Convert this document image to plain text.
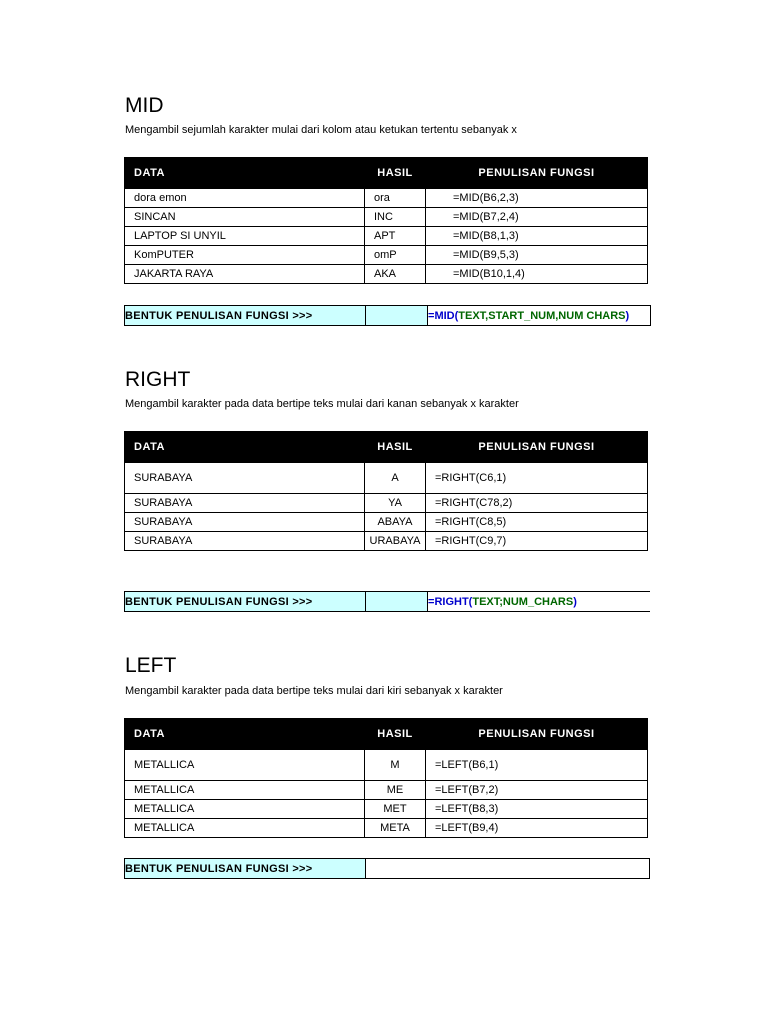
MID

Mengambil sejumlah karakter mulai dari kolom atau ketukan tertentu sebanyak x

DATA	HASIL	PENULISAN FUNGSI
dora emon	ora	=MID(B6,2,3)
SINCAN	INC	=MID(B7,2,4)
LAPTOP SI UNYIL	APT	=MID(B8,1,3)
KomPUTER	omP	=MID(B9,5,3)
JAKARTA RAYA	AKA	=MID(B10,1,4)
BENTUK PENULISAN FUNGSI >>>		=MID(TEXT,START_NUM,NUM CHARS)
RIGHT

Mengambil karakter pada data bertipe teks mulai dari kanan sebanyak x karakter

DATA	HASIL	PENULISAN FUNGSI
SURABAYA	A	=RIGHT(C6,1)
SURABAYA	YA	=RIGHT(C78,2)
SURABAYA	ABAYA	=RIGHT(C8,5)
SURABAYA	URABAYA	=RIGHT(C9,7)
BENTUK PENULISAN FUNGSI >>>		=RIGHT(TEXT;NUM_CHARS)
LEFT

Mengambil karakter pada data bertipe teks mulai dari kiri sebanyak x karakter

DATA	HASIL	PENULISAN FUNGSI
METALLICA	M	=LEFT(B6,1)
METALLICA	ME	=LEFT(B7,2)
METALLICA	MET	=LEFT(B8,3)
METALLICA	META	=LEFT(B9,4)
BENTUK PENULISAN FUNGSI >>>		
